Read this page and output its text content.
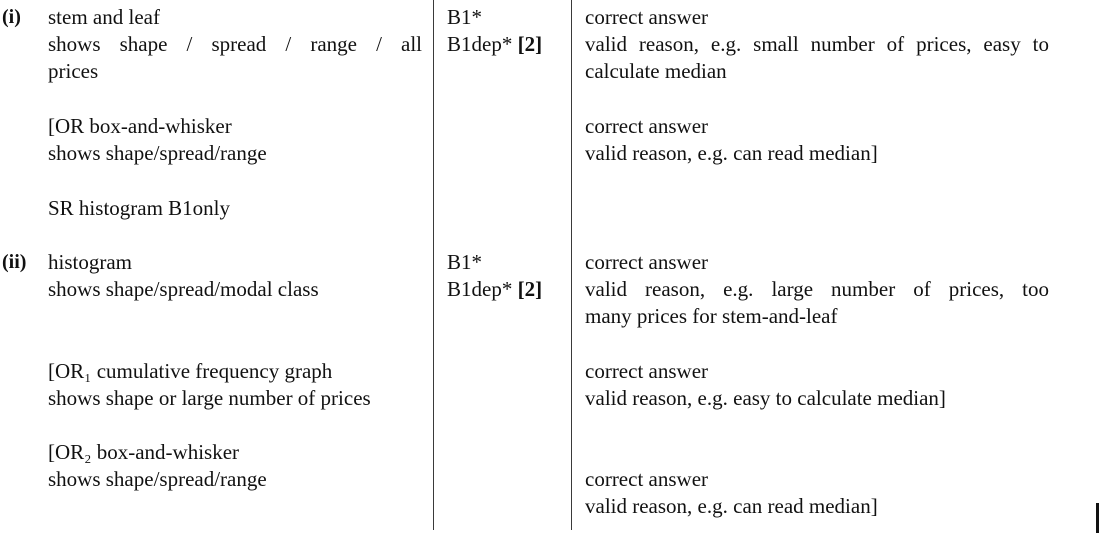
(i) stem and leaf
shows shape / spread / range / all
prices
B1*
B1dep* [2]
correct answer
valid reason, e.g. small number of prices, easy to
calculate median
[OR box-and-whisker
shows shape/spread/range
correct answer
valid reason, e.g. can read median]
SR histogram B1only
(ii) histogram
shows shape/spread/modal class
B1*
B1dep* [2]
correct answer
valid reason, e.g. large number of prices, too
many prices for stem-and-leaf
[OR₁ cumulative frequency graph
shows shape or large number of prices
correct answer
valid reason, e.g. easy to calculate median]
[OR₂ box-and-whisker
shows shape/spread/range	correct answer
valid reason, e.g. can read median]
